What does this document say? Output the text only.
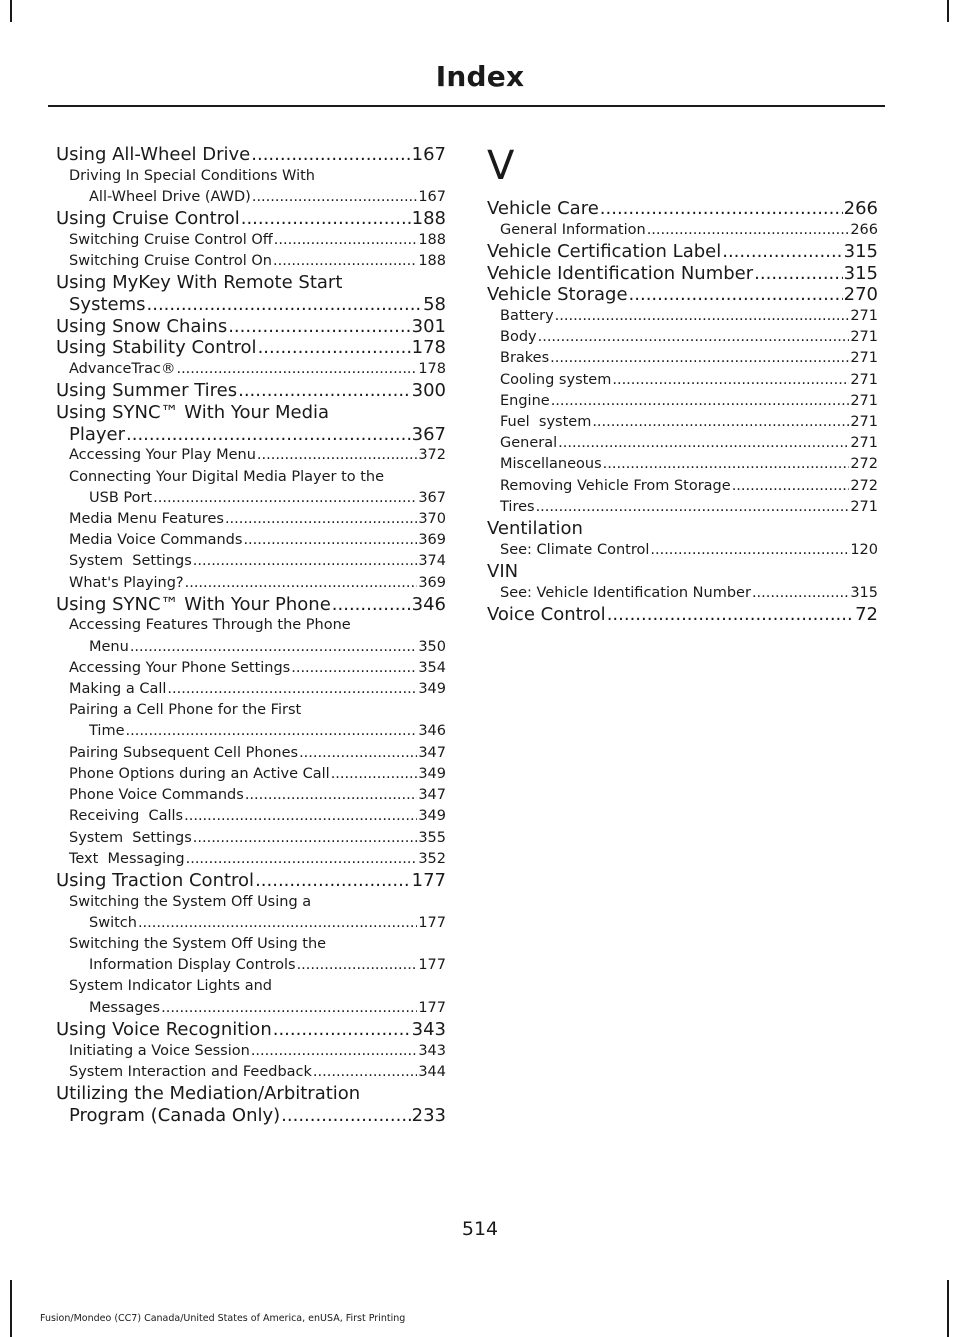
Index
Using All-Wheel Drive .....	167
Driving In Special Conditions With
All-Wheel Drive (AWD) .....	167
Using Cruise Control .....	188
Switching Cruise Control Off .....	188
Switching Cruise Control On .....	188
Using MyKey With Remote Start
Systems .....	58
Using Snow Chains .....	301
Using Stability Control .....	178
AdvanceTrac® .....	178
Using Summer Tires .....	300
Using SYNC™ With Your Media
Player .....	367
Accessing Your Play Menu .....	372
Connecting Your Digital Media Player to the
USB Port .....	367
Media Menu Features .....	370
Media Voice Commands .....	369
System  Settings .....	374
What's Playing? .....	369
Using SYNC™ With Your Phone .....	346
Accessing Features Through the Phone
Menu .....	350
Accessing Your Phone Settings .....	354
Making a Call .....	349
Pairing a Cell Phone for the First
Time .....	346
Pairing Subsequent Cell Phones .....	347
Phone Options during an Active Call .....	349
Phone Voice Commands .....	347
Receiving  Calls .....	349
System  Settings .....	355
Text  Messaging .....	352
Using Traction Control .....	177
Switching the System Off Using a
Switch .....	177
Switching the System Off Using the
Information Display Controls .....	177
System Indicator Lights and
Messages .....	177
Using Voice Recognition .....	343
Initiating a Voice Session .....	343
System Interaction and Feedback .....	344
Utilizing the Mediation/Arbitration
Program (Canada Only) .....	233
V
Vehicle Care .....	266
General Information .....	266
Vehicle Certification Label .....	315
Vehicle Identification Number .....	315
Vehicle Storage .....	270
Battery .....	271
Body .....	271
Brakes .....	271
Cooling system .....	271
Engine .....	271
Fuel  system .....	271
General .....	271
Miscellaneous .....	272
Removing Vehicle From Storage .....	272
Tires .....	271
Ventilation
See: Climate Control .....	120
VIN
See: Vehicle Identification Number .....	315
Voice Control .....	72
514
Fusion/Mondeo (CC7) Canada/United States of America, enUSA, First Printing
